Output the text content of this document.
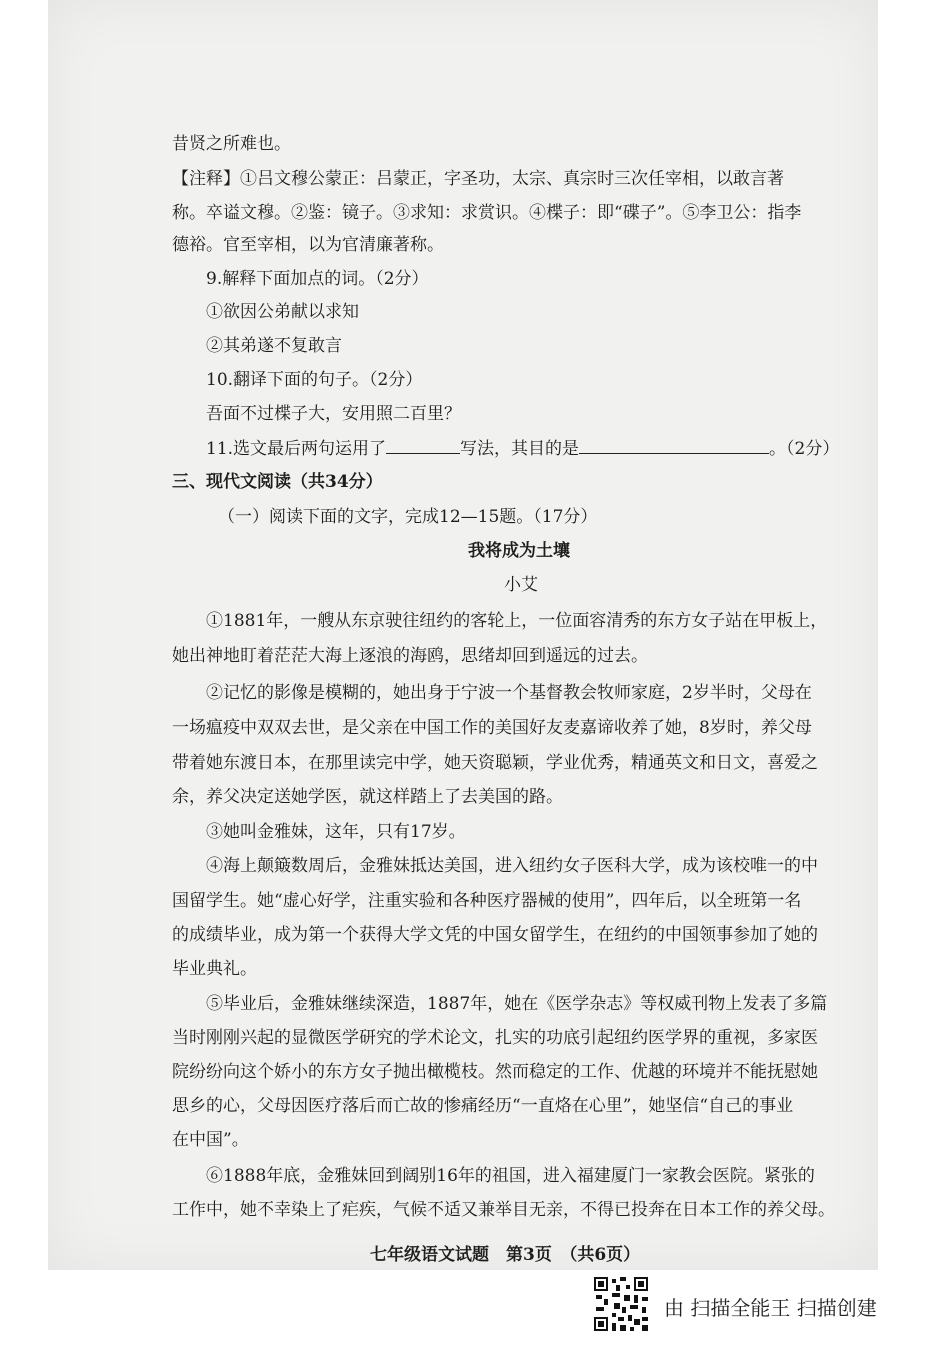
昔贤之所难也。
【注释】①吕文穆公蒙正：吕蒙正，字圣功，太宗、真宗时三次任宰相，以敢言著
称。卒谥文穆。②鉴：镜子。③求知：求赏识。④楪子：即“碟子”。⑤李卫公：指李
德裕。官至宰相，以为官清廉著称。
9.解释下面加点的词。（2分）
①欲因公弟献以求知
②其弟遂不复敢言
10.翻译下面的句子。（2分）
吾面不过楪子大，安用照二百里？
11.选文最后两句运用了	写法，其目的是	。（2分）
三、现代文阅读（共34分）
（一）阅读下面的文字，完成12—15题。（17分）
我将成为土壤
小艾
①1881年，一艘从东京驶往纽约的客轮上，一位面容清秀的东方女子站在甲板上，
她出神地盯着茫茫大海上逐浪的海鸥，思绪却回到遥远的过去。
②记忆的影像是模糊的，她出身于宁波一个基督教会牧师家庭，2岁半时，父母在
一场瘟疫中双双去世，是父亲在中国工作的美国好友麦嘉谛收养了她，8岁时，养父母
带着她东渡日本，在那里读完中学，她天资聪颖，学业优秀，精通英文和日文，喜爱之
余，养父决定送她学医，就这样踏上了去美国的路。
③她叫金雅妹，这年，只有17岁。
④海上颠簸数周后，金雅妹抵达美国，进入纽约女子医科大学，成为该校唯一的中
国留学生。她“虚心好学，注重实验和各种医疗器械的使用”，四年后，以全班第一名
的成绩毕业，成为第一个获得大学文凭的中国女留学生，在纽约的中国领事参加了她的
毕业典礼。
⑤毕业后，金雅妹继续深造，1887年，她在《医学杂志》等权威刊物上发表了多篇
当时刚刚兴起的显微医学研究的学术论文，扎实的功底引起纽约医学界的重视，多家医
院纷纷向这个娇小的东方女子抛出橄榄枝。然而稳定的工作、优越的环境并不能抚慰她
思乡的心，父母因医疗落后而亡故的惨痛经历“一直烙在心里”，她坚信“自己的事业
在中国”。
⑥1888年底，金雅妹回到阔别16年的祖国，进入福建厦门一家教会医院。紧张的
工作中，她不幸染上了疟疾，气候不适又兼举目无亲，不得已投奔在日本工作的养父母。
七年级语文试题　第3页　（共6页）
由 扫描全能王 扫描创建
